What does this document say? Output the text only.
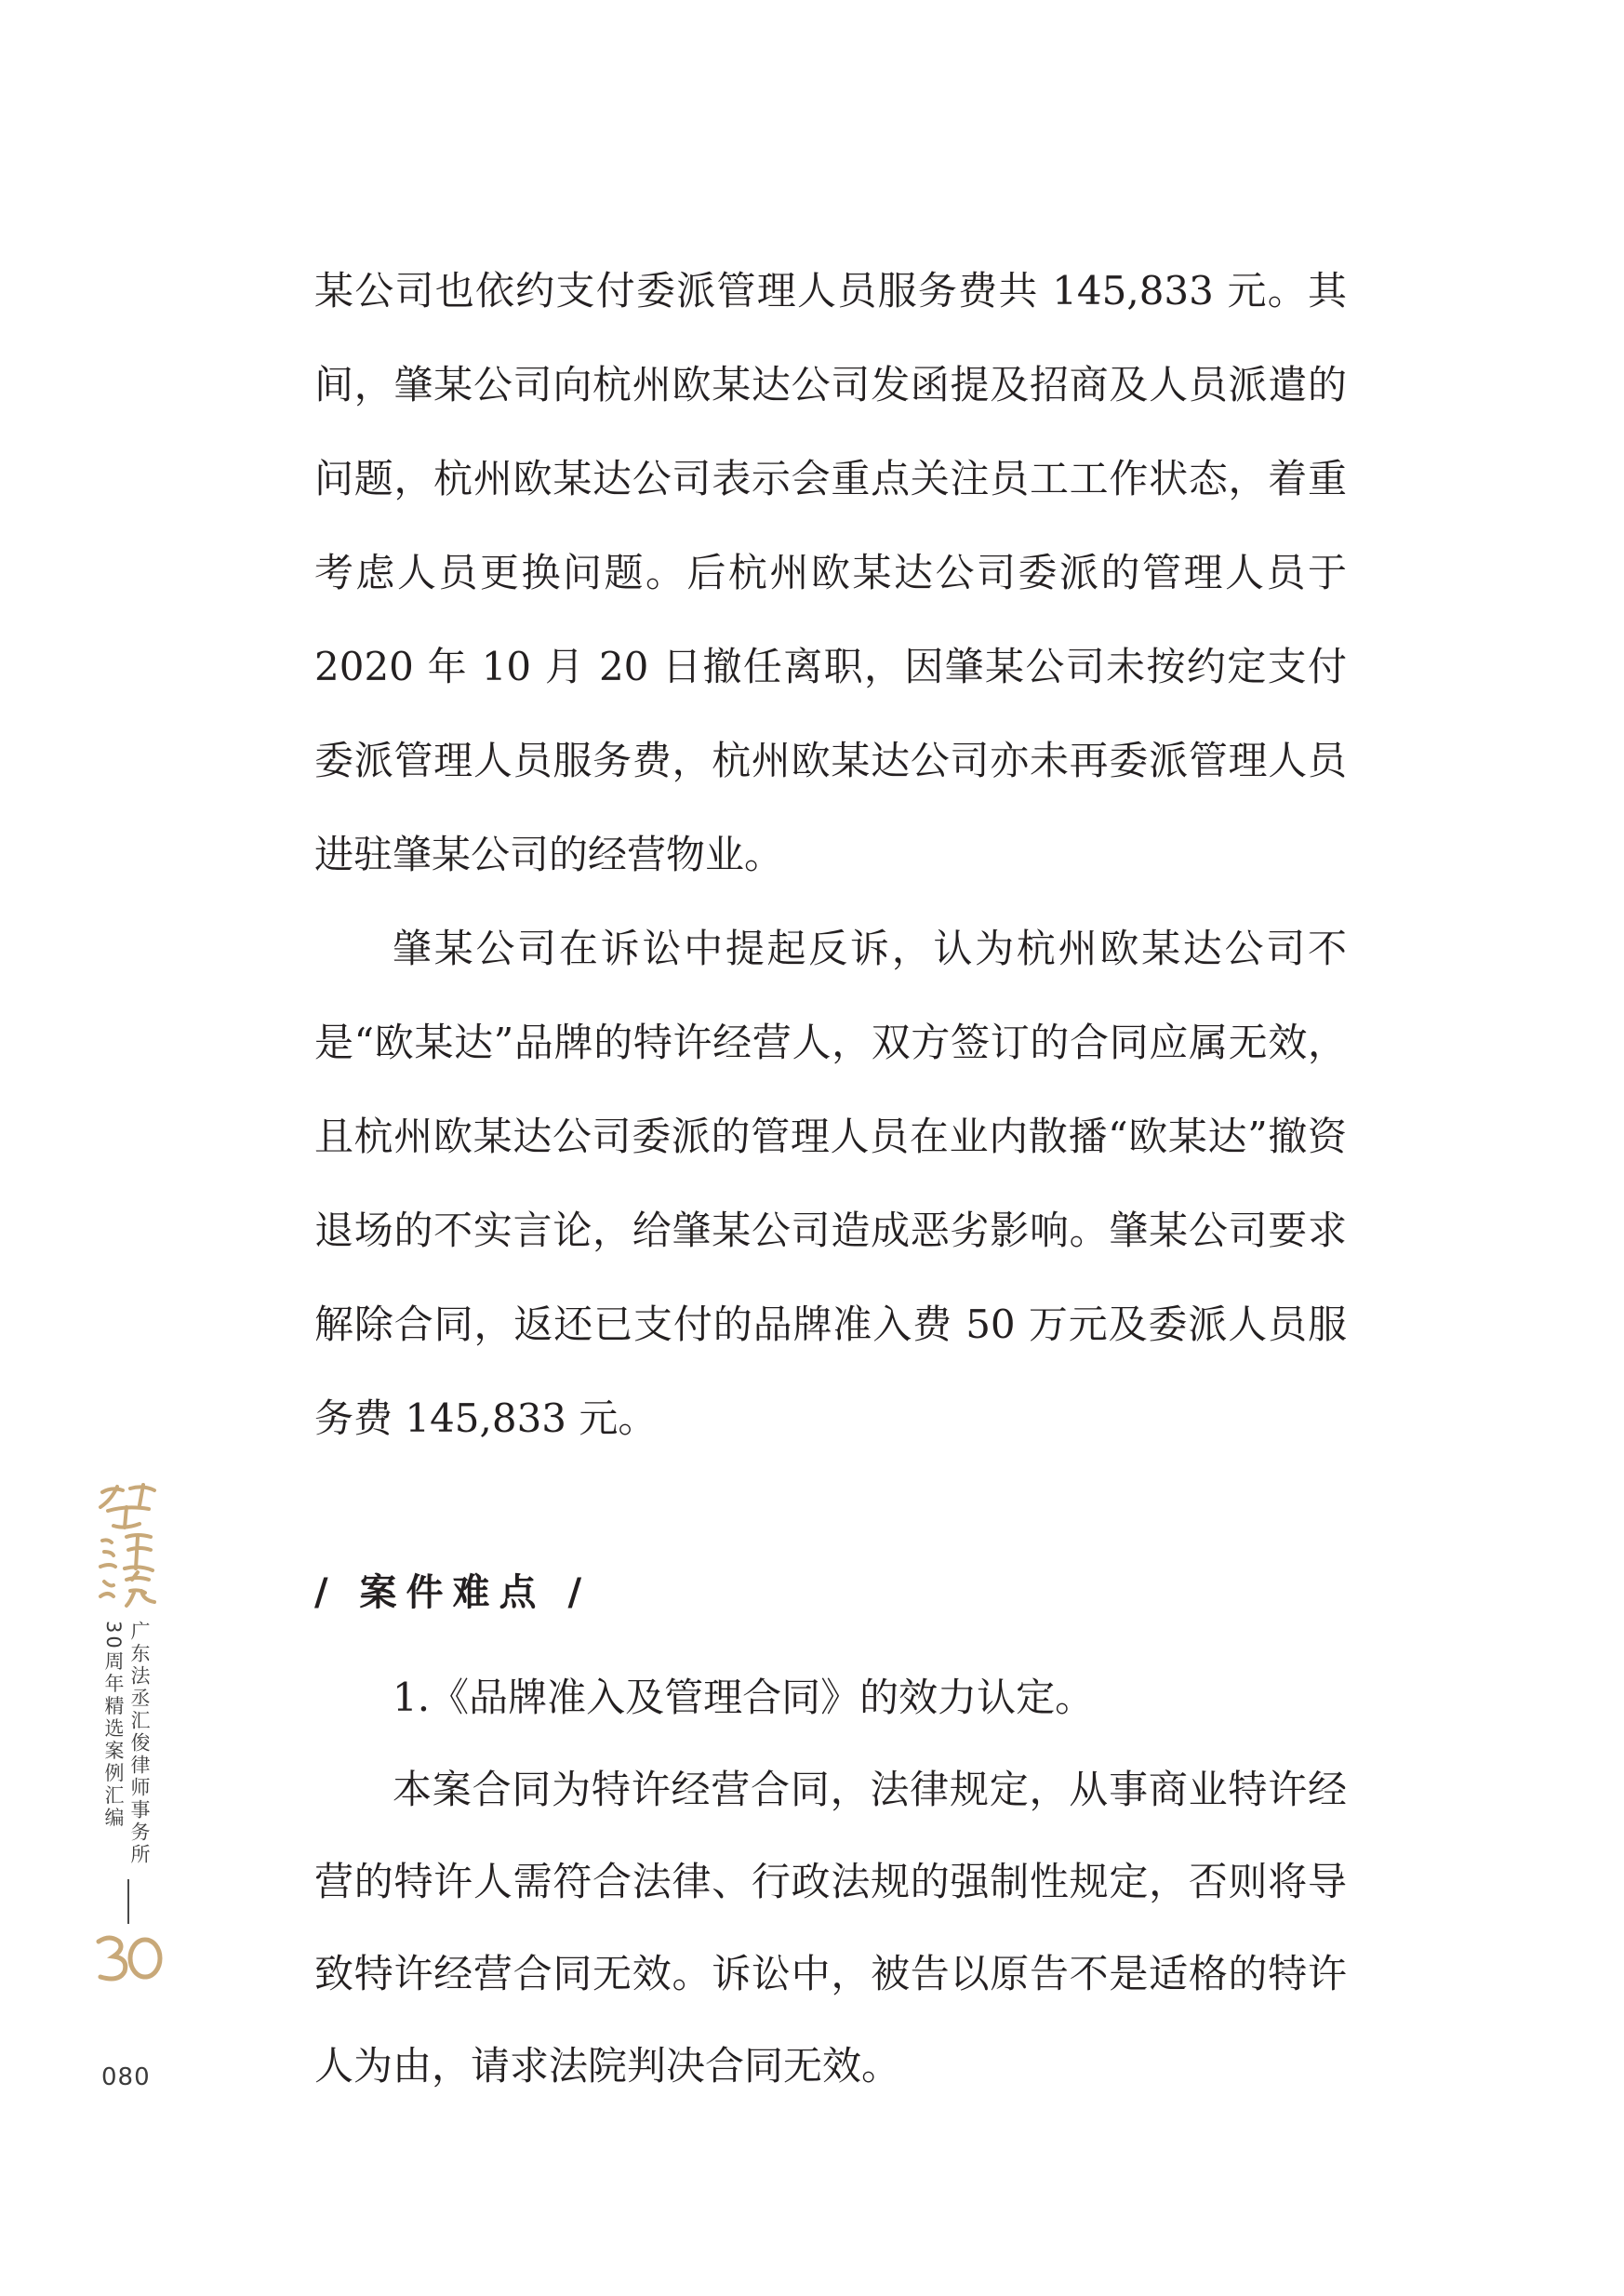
某公司也依约支付委派管理人员服务费共 145,833 元。其间，肇某公司向杭州欧某达公司发函提及招商及人员派遣的问题，杭州欧某达公司表示会重点关注员工工作状态，着重考虑人员更换问题。后杭州欧某达公司委派的管理人员于 2020 年 10 月 20 日撤任离职，因肇某公司未按约定支付委派管理人员服务费，杭州欧某达公司亦未再委派管理人员进驻肇某公司的经营物业。

肇某公司在诉讼中提起反诉，认为杭州欧某达公司不是“欧某达”品牌的特许经营人，双方签订的合同应属无效，且杭州欧某达公司委派的管理人员在业内散播“欧某达”撤资退场的不实言论，给肇某公司造成恶劣影响。肇某公司要求解除合同，返还已支付的品牌准入费 50 万元及委派人员服务费 145,833 元。

/ 案件难点 /

1.《品牌准入及管理合同》的效力认定。

本案合同为特许经营合同，法律规定，从事商业特许经营的特许人需符合法律、行政法规的强制性规定，否则将导致特许经营合同无效。诉讼中，被告以原告不是适格的特许人为由，请求法院判决合同无效。

广东法丞汇俊律师事务所
30周年精选案例汇编
080
